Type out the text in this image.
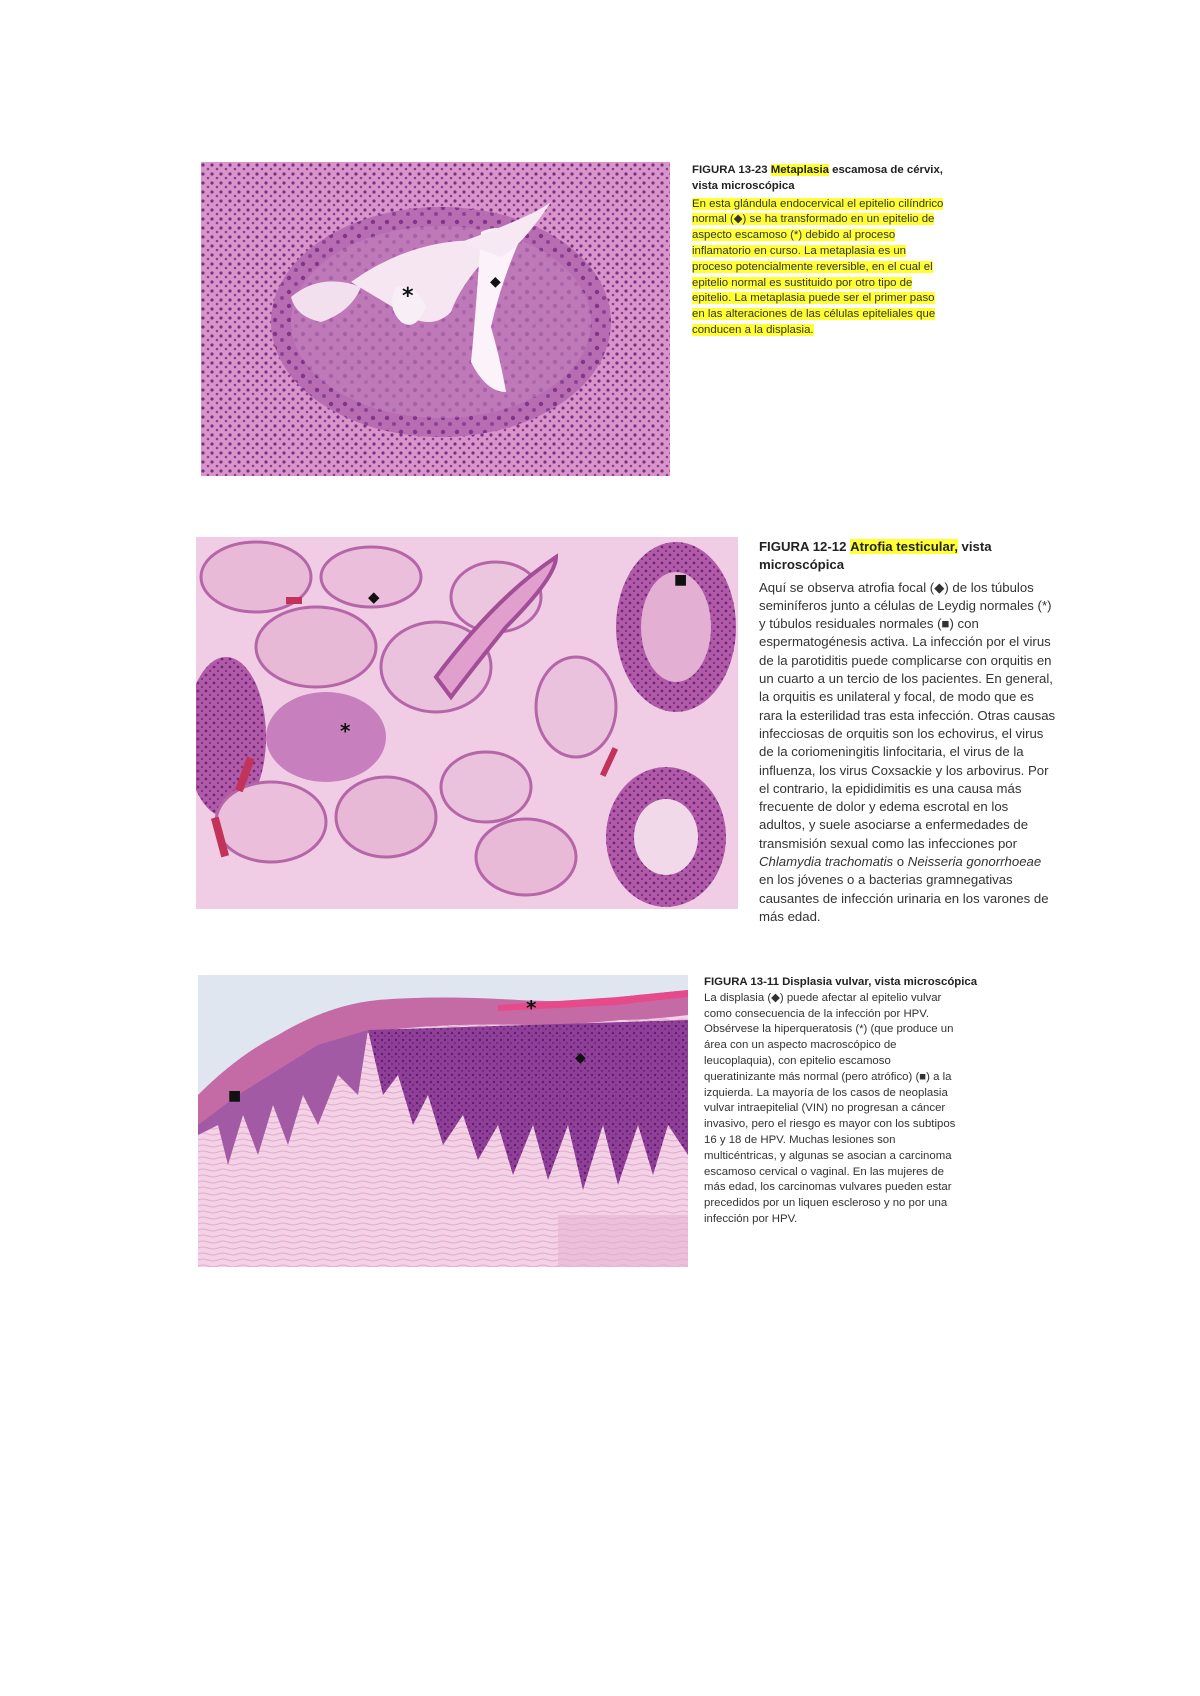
*
◆
FIGURA 13-23 Metaplasia escamosa de cérvix,
vista microscópica
En esta glándula endocervical el epitelio cilíndrico
normal (◆) se ha transformado en un epitelio de
aspecto escamoso (*) debido al proceso
inflamatorio en curso. La metaplasia es un
proceso potencialmente reversible, en el cual el
epitelio normal es sustituido por otro tipo de
epitelio. La metaplasia puede ser el primer paso
en las alteraciones de las células epiteliales que
conducen a la displasia.
◆
*
■
FIGURA 12-12 Atrofia testicular, vista
microscópica
Aquí se observa atrofia focal (◆) de los túbulos
seminíferos junto a células de Leydig normales (*)
y túbulos residuales normales (■) con
espermatogénesis activa. La infección por el virus
de la parotiditis puede complicarse con orquitis en
un cuarto a un tercio de los pacientes. En general,
la orquitis es unilateral y focal, de modo que es
rara la esterilidad tras esta infección. Otras causas
infecciosas de orquitis son los echovirus, el virus
de la coriomeningitis linfocitaria, el virus de la
influenza, los virus Coxsackie y los arbovirus. Por
el contrario, la epididimitis es una causa más
frecuente de dolor y edema escrotal en los
adultos, y suele asociarse a enfermedades de
transmisión sexual como las infecciones por
Chlamydia trachomatis o Neisseria gonorrhoeae
en los jóvenes o a bacterias gramnegativas
causantes de infección urinaria en los varones de
más edad.
*
◆
■
FIGURA 13-11 Displasia vulvar, vista microscópica
La displasia (◆) puede afectar al epitelio vulvar
como consecuencia de la infección por HPV.
Obsérvese la hiperqueratosis (*) (que produce un
área con un aspecto macroscópico de
leucoplaquia), con epitelio escamoso
queratinizante más normal (pero atrófico) (■) a la
izquierda. La mayoría de los casos de neoplasia
vulvar intraepitelial (VIN) no progresan a cáncer
invasivo, pero el riesgo es mayor con los subtipos
16 y 18 de HPV. Muchas lesiones son
multicéntricas, y algunas se asocian a carcinoma
escamoso cervical o vaginal. En las mujeres de
más edad, los carcinomas vulvares pueden estar
precedidos por un liquen escleroso y no por una
infección por HPV.
